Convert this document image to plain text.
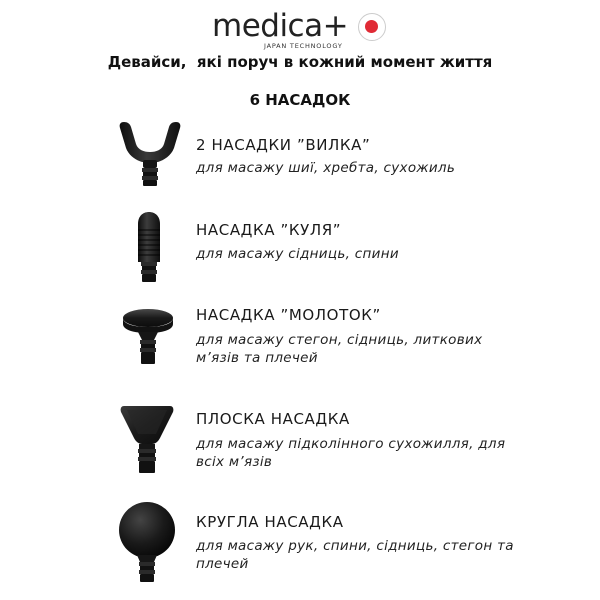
medica+
JAPAN TECHNOLOGY
Девайси,  які поруч в кожний момент життя
6 НАСАДОК
2 НАСАДКИ ”ВИЛКА”
для масажу шиї, хребта, сухожиль
НАСАДКА ”КУЛЯ”
для масажу сідниць, спини
НАСАДКА ”МОЛОТОК”
для масажу стегон, сідниць, литкових м’язів та плечей
ПЛОСКА НАСАДКА
для масажу підколінного сухожилля, для всіх м’язів
КРУГЛА НАСАДКА
для масажу рук, спини, сідниць, стегон та плечей
